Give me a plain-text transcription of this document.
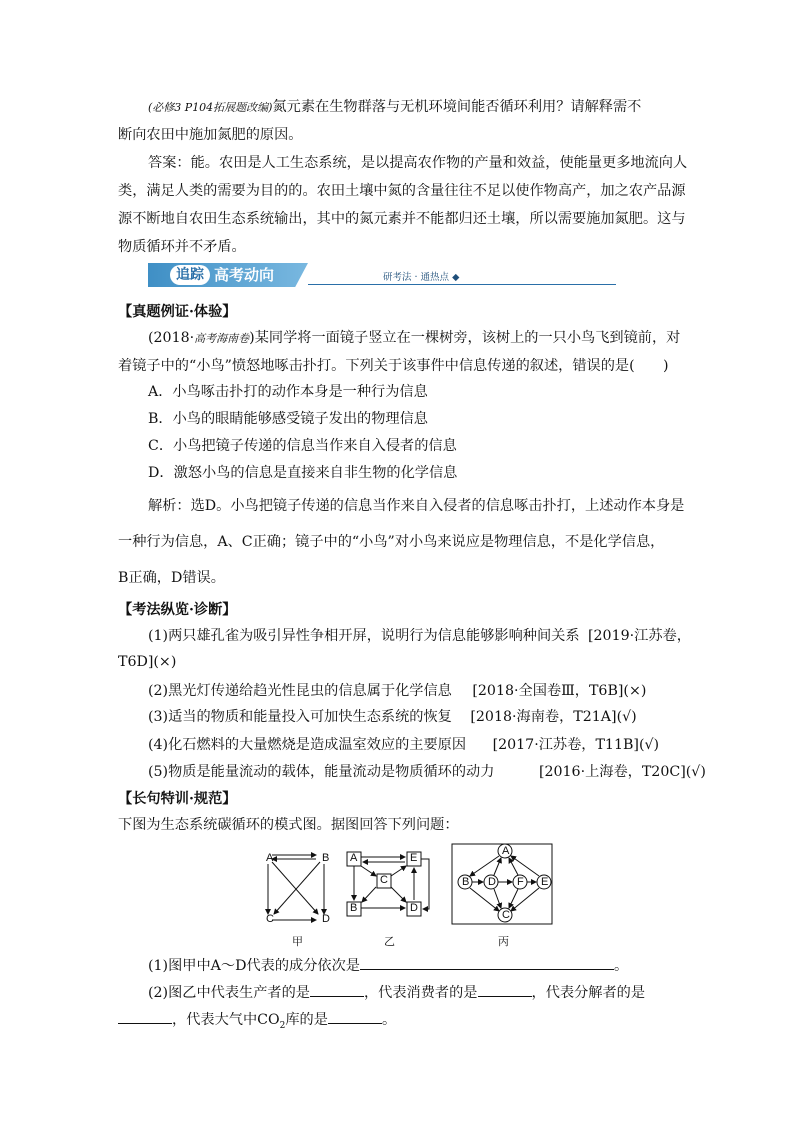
(必修3 P104拓展题改编)氮元素在生物群落与无机环境间能否循环利用？请解释需不
断向农田中施加氮肥的原因。
答案：能。农田是人工生态系统，是以提高农作物的产量和效益，使能量更多地流向人
类，满足人类的需要为目的的。农田土壤中氮的含量往往不足以使作物高产，加之农产品源
源不断地自农田生态系统输出，其中的氮元素并不能都归还土壤，所以需要施加氮肥。这与
物质循环并不矛盾。
追踪 高考动向	研考法 · 通热点 ◆
【真题例证·体验】
(2018·高考海南卷)某同学将一面镜子竖立在一棵树旁，该树上的一只小鸟飞到镜前，对
着镜子中的“小鸟”愤怒地啄击扑打。下列关于该事件中信息传递的叙述，错误的是(　　)
A．小鸟啄击扑打的动作本身是一种行为信息
B．小鸟的眼睛能够感受镜子发出的物理信息
C．小鸟把镜子传递的信息当作来自入侵者的信息
D．激怒小鸟的信息是直接来自非生物的化学信息
解析：选D。小鸟把镜子传递的信息当作来自入侵者的信息啄击扑打，上述动作本身是
一种行为信息，A、C正确；镜子中的“小鸟”对小鸟来说应是物理信息，不是化学信息，
B正确，D错误。
【考法纵览·诊断】
(1)两只雄孔雀为吸引异性争相开屏，说明行为信息能够影响种间关系 [2019·江苏卷，
T6D](×)
(2)黑光灯传递给趋光性昆虫的信息属于化学信息 [2018·全国卷Ⅲ，T6B](×)
(3)适当的物质和能量投入可加快生态系统的恢复 [2018·海南卷，T21A](√)
(4)化石燃料的大量燃烧是造成温室效应的主要原因 [2017·江苏卷，T11B](√)
(5)物质是能量流动的载体，能量流动是物质循环的动力	[2016·上海卷，T20C](√)
【长句特训·规范】
下图为生态系统碳循环的模式图。据图回答下列问题：
A	B
C	D
A	E
C
B	D
A
B D F E
C
甲	乙	丙
(1)图甲中A～D代表的成分依次是	。
(2)图乙中代表生产者的是	，代表消费者的是	，代表分解者的是
，代表大气中$CO_2$库的是	。
